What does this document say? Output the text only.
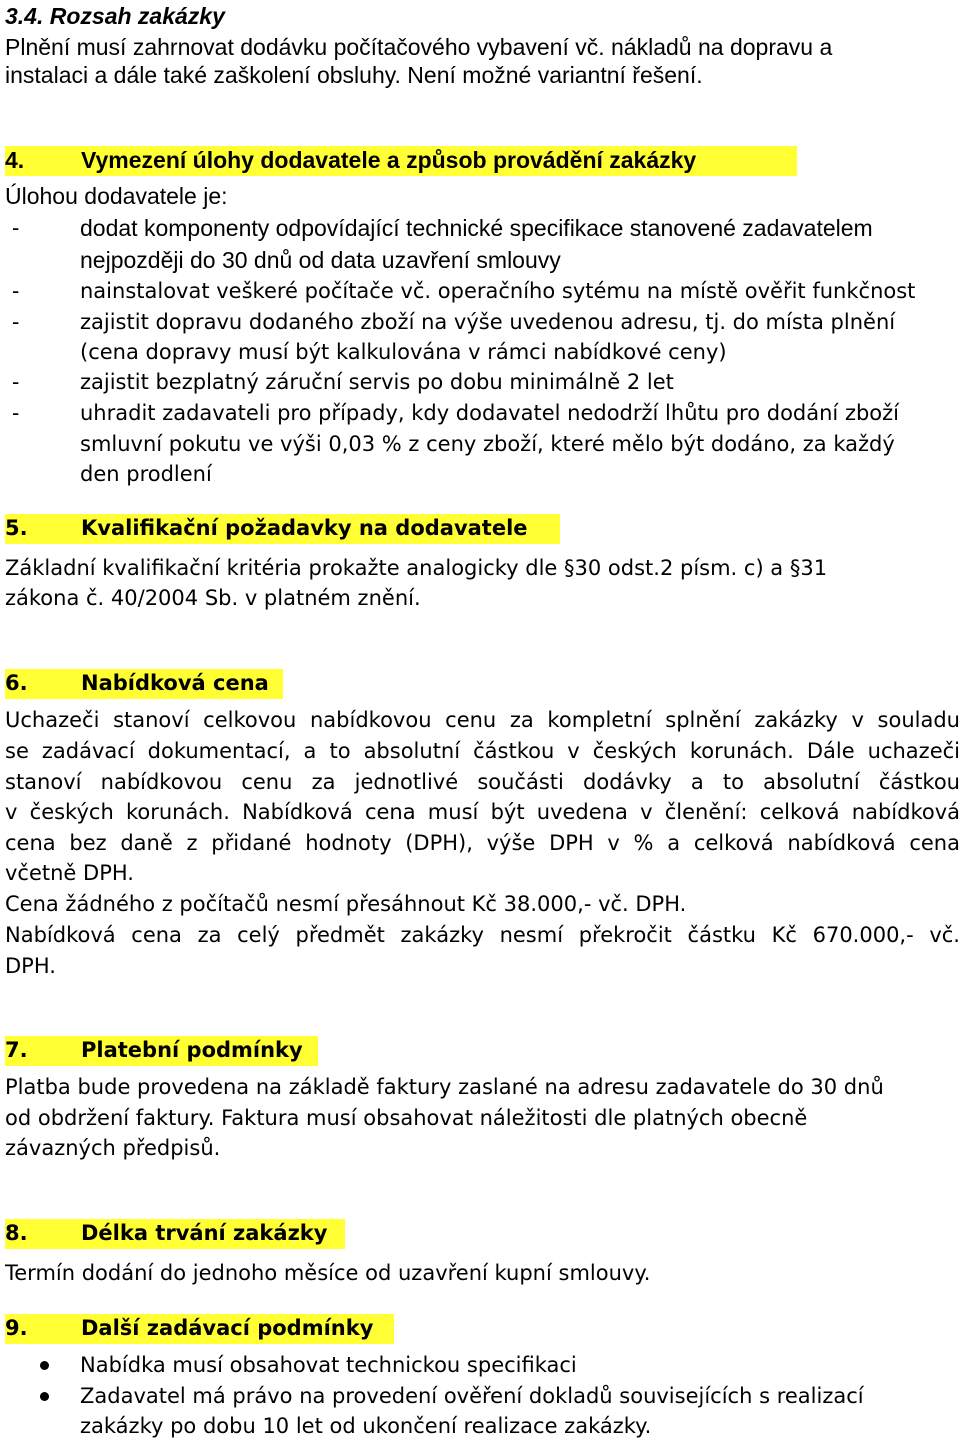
3.4. Rozsah zakázky
Plnění musí zahrnovat dodávku počítačového vybavení vč. nákladů na dopravu a
instalaci a dále také zaškolení obsluhy. Není možné variantní řešení.
4. Vymezení úlohy dodavatele a způsob provádění zakázky
Úlohou dodavatele je:
-	dodat komponenty odpovídající technické specifikace stanovené zadavatelem
nejpozději do 30 dnů od data uzavření smlouvy
-	nainstalovat veškeré počítače vč. operačního sytému na místě ověřit funkčnost
-	zajistit dopravu dodaného zboží na výše uvedenou adresu, tj. do místa plnění
(cena dopravy musí být kalkulována v rámci nabídkové ceny)
-	zajistit bezplatný záruční servis po dobu minimálně 2 let
-	uhradit zadavateli pro případy, kdy dodavatel nedodrží lhůtu pro dodání zboží
smluvní pokutu ve výši 0,03 % z ceny zboží, které mělo být dodáno, za každý
den prodlení
5.	Kvalifikační požadavky na dodavatele
Základní kvalifikační kritéria prokažte analogicky dle §30 odst.2 písm. c) a §31
zákona č. 40/2004 Sb. v platném znění.
6.	Nabídková cena
Uchazeči stanoví celkovou nabídkovou cenu za kompletní splnění zakázky v souladu
se zadávací dokumentací, a to absolutní částkou v českých korunách. Dále uchazeči
stanoví nabídkovou cenu za jednotlivé součásti dodávky a to absolutní částkou
v českých korunách. Nabídková cena musí být uvedena v členění: celková nabídková
cena bez daně z přidané hodnoty (DPH), výše DPH v % a celková nabídková cena
včetně DPH.
Cena žádného z počítačů nesmí přesáhnout Kč 38.000,- vč. DPH.
Nabídková cena za celý předmět zakázky nesmí překročit částku Kč 670.000,- vč.
DPH.
7.	Platební podmínky
Platba bude provedena na základě faktury zaslané na adresu zadavatele do 30 dnů
od obdržení faktury. Faktura musí obsahovat náležitosti dle platných obecně
závazných předpisů.
8.	Délka trvání zakázky
Termín dodání do jednoho měsíce od uzavření kupní smlouvy.
9.	Další zadávací podmínky
Nabídka musí obsahovat technickou specifikaci
Zadavatel má právo na provedení ověření dokladů souvisejících s realizací
zakázky po dobu 10 let od ukončení realizace zakázky.
